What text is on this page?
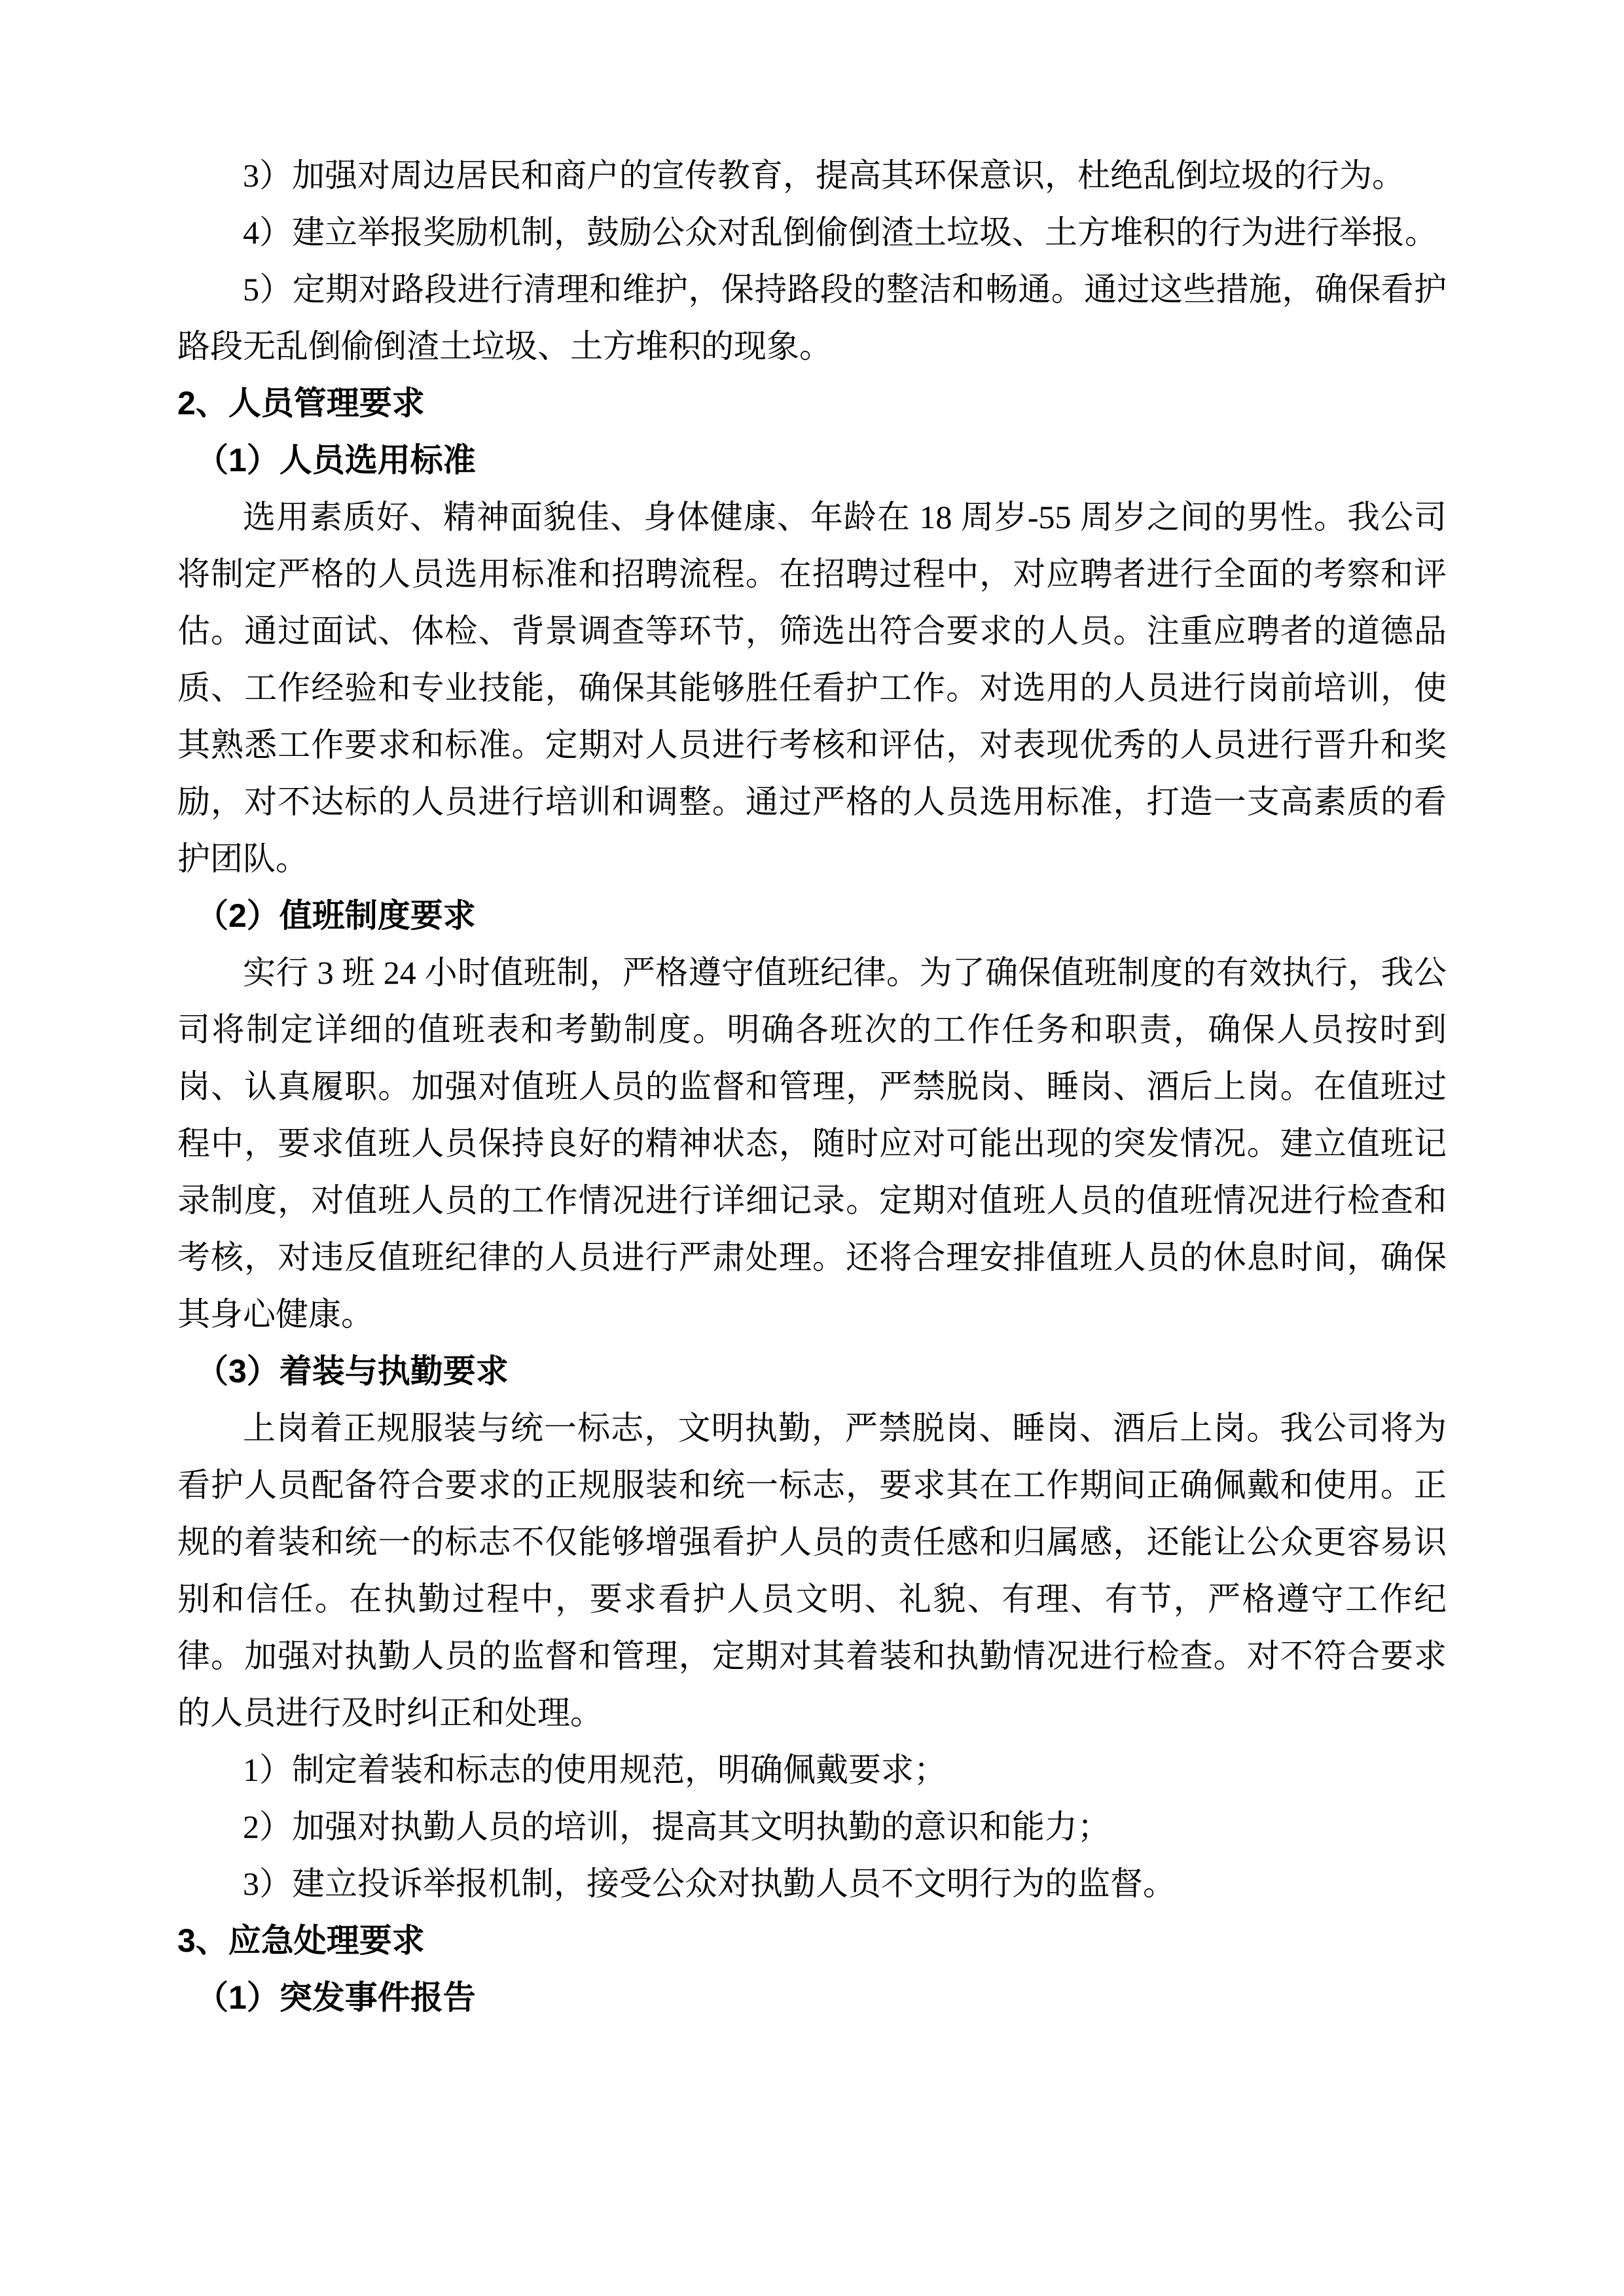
3）加强对周边居民和商户的宣传教育，提高其环保意识，杜绝乱倒垃圾的行为。

4）建立举报奖励机制，鼓励公众对乱倒偷倒渣土垃圾、土方堆积的行为进行举报。

5）定期对路段进行清理和维护，保持路段的整洁和畅通。通过这些措施，确保看护路段无乱倒偷倒渣土垃圾、土方堆积的现象。

2、人员管理要求
（1）人员选用标准

选用素质好、精神面貌佳、身体健康、年龄在 18 周岁-55 周岁之间的男性。我公司将制定严格的人员选用标准和招聘流程。在招聘过程中，对应聘者进行全面的考察和评估。通过面试、体检、背景调查等环节，筛选出符合要求的人员。注重应聘者的道德品质、工作经验和专业技能，确保其能够胜任看护工作。对选用的人员进行岗前培训，使其熟悉工作要求和标准。定期对人员进行考核和评估，对表现优秀的人员进行晋升和奖励，对不达标的人员进行培训和调整。通过严格的人员选用标准，打造一支高素质的看护团队。

（2）值班制度要求

实行 3 班 24 小时值班制，严格遵守值班纪律。为了确保值班制度的有效执行，我公司将制定详细的值班表和考勤制度。明确各班次的工作任务和职责，确保人员按时到岗、认真履职。加强对值班人员的监督和管理，严禁脱岗、睡岗、酒后上岗。在值班过程中，要求值班人员保持良好的精神状态，随时应对可能出现的突发情况。建立值班记录制度，对值班人员的工作情况进行详细记录。定期对值班人员的值班情况进行检查和考核，对违反值班纪律的人员进行严肃处理。还将合理安排值班人员的休息时间，确保其身心健康。

（3）着装与执勤要求

上岗着正规服装与统一标志，文明执勤，严禁脱岗、睡岗、酒后上岗。我公司将为看护人员配备符合要求的正规服装和统一标志，要求其在工作期间正确佩戴和使用。正规的着装和统一的标志不仅能够增强看护人员的责任感和归属感，还能让公众更容易识别和信任。在执勤过程中，要求看护人员文明、礼貌、有理、有节，严格遵守工作纪律。加强对执勤人员的监督和管理，定期对其着装和执勤情况进行检查。对不符合要求的人员进行及时纠正和处理。

1）制定着装和标志的使用规范，明确佩戴要求；

2）加强对执勤人员的培训，提高其文明执勤的意识和能力；

3）建立投诉举报机制，接受公众对执勤人员不文明行为的监督。

3、应急处理要求
（1）突发事件报告
